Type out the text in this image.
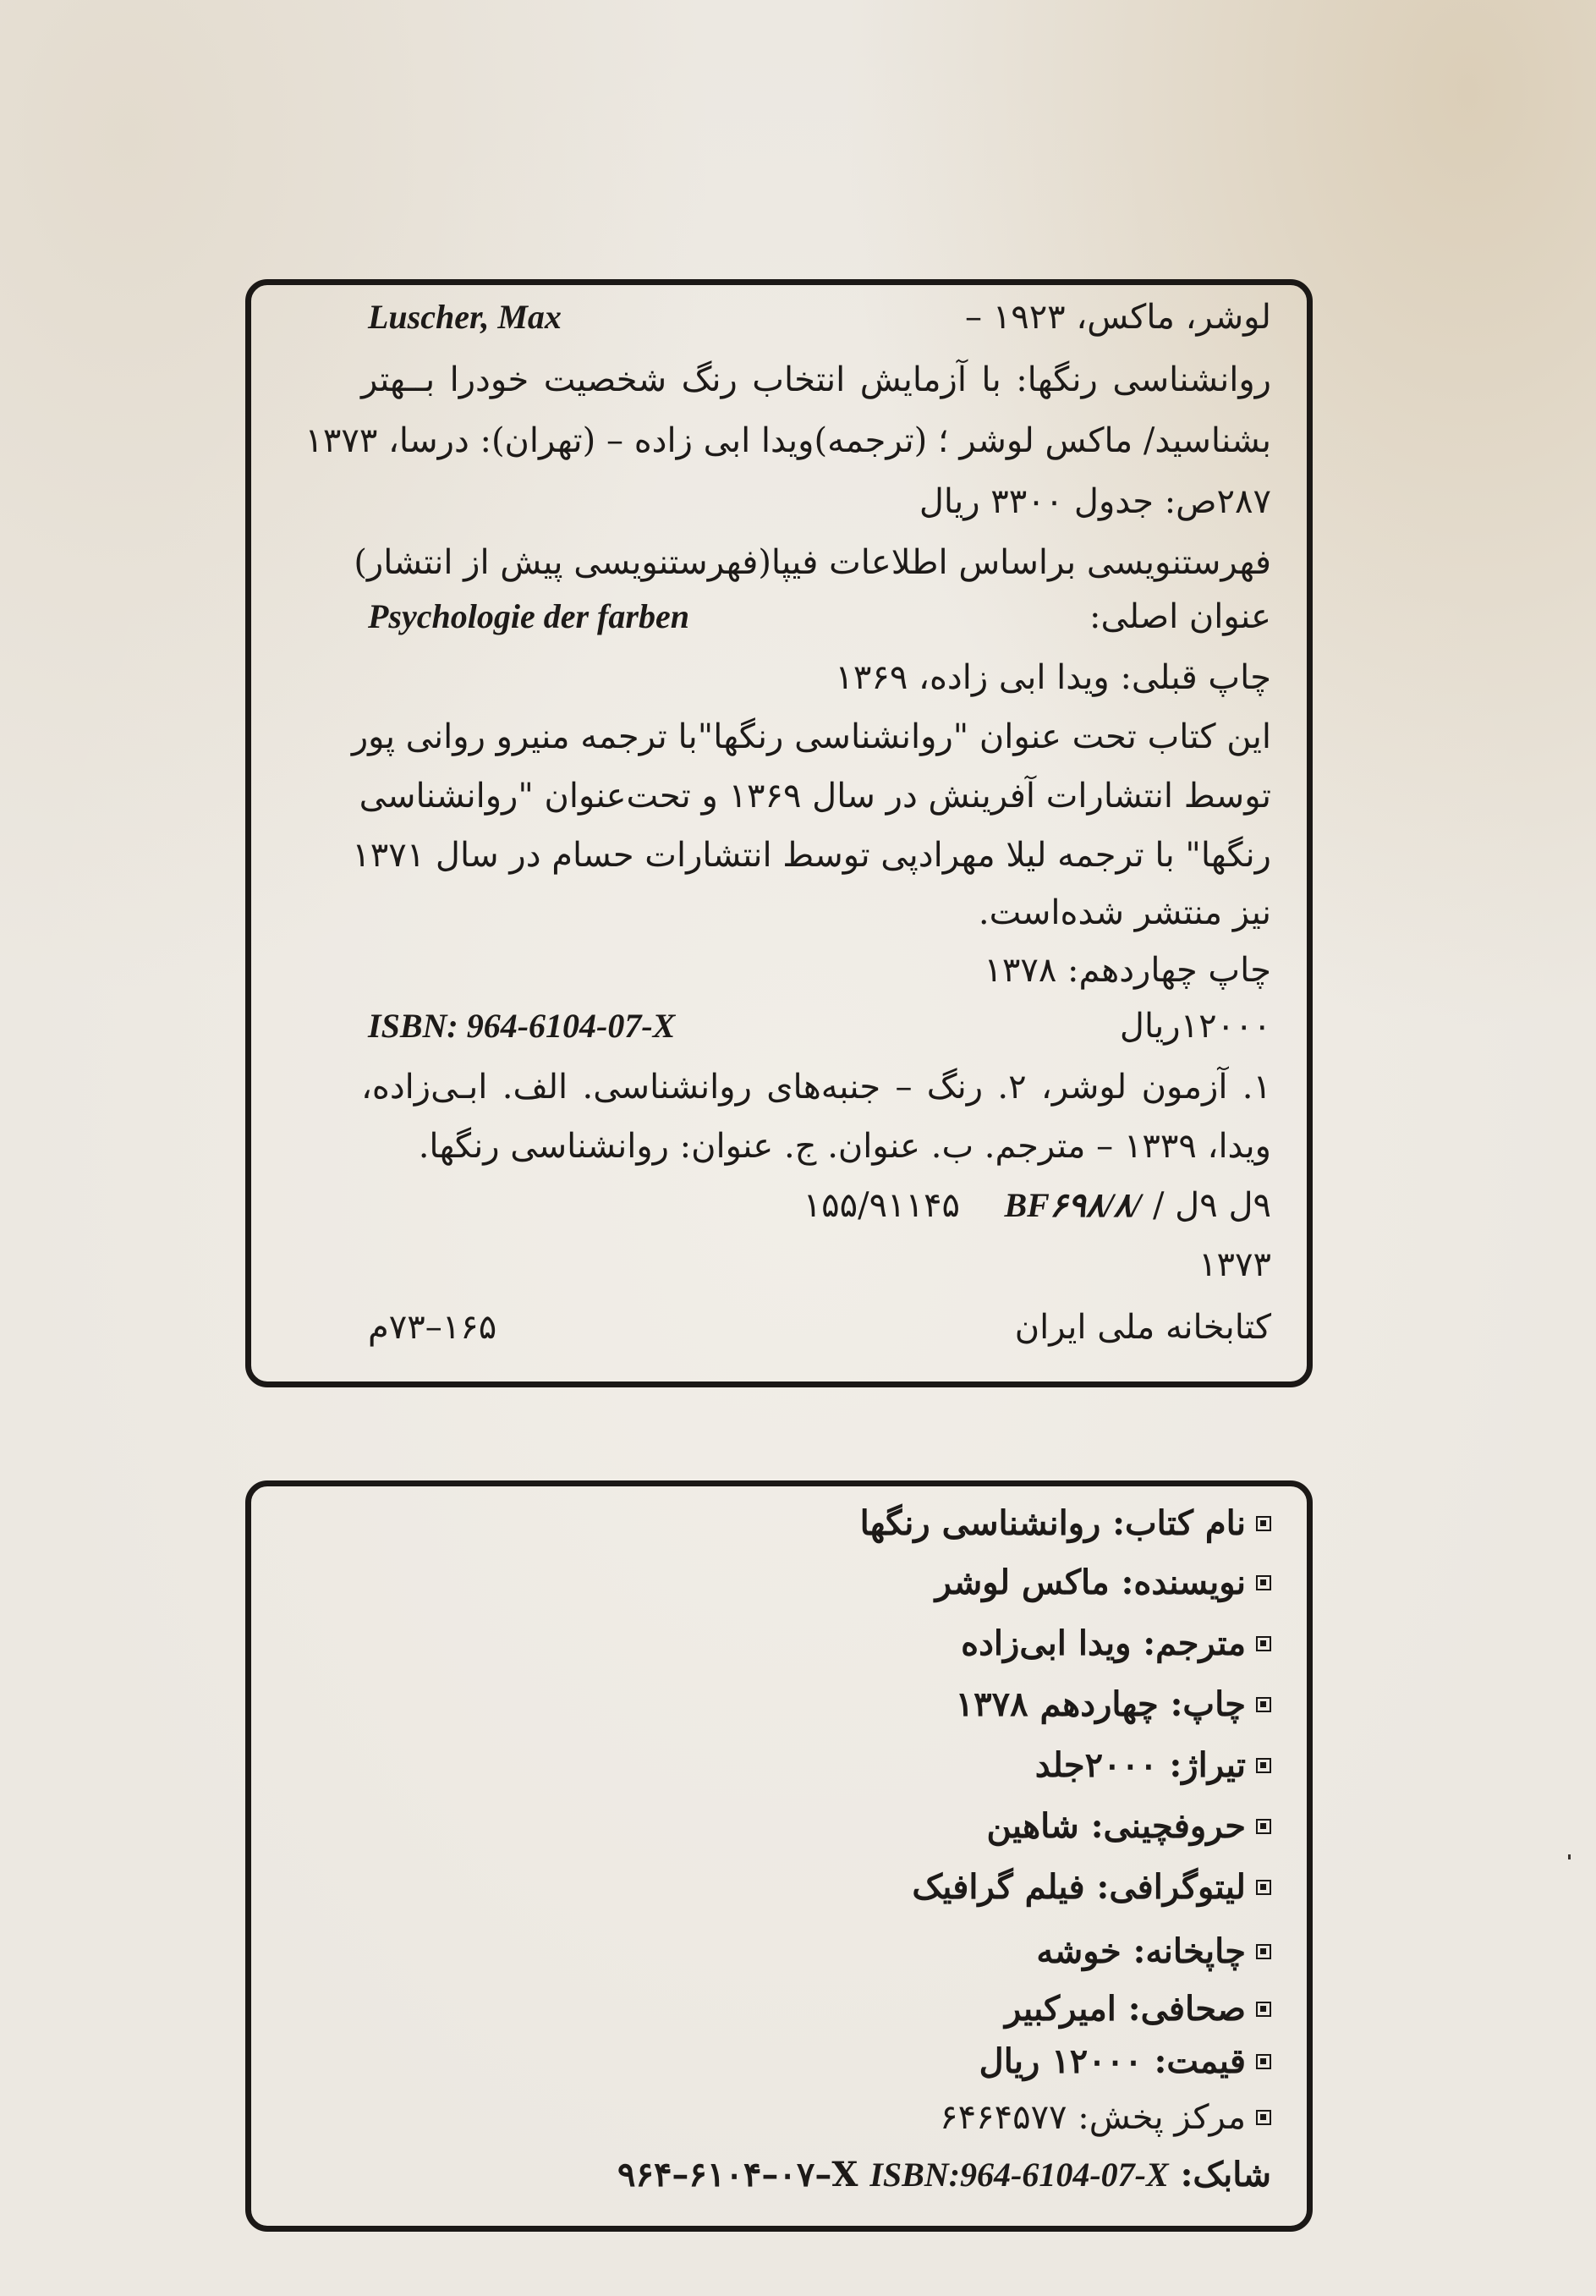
لوشر، ماکس، ۱۹۲۳ –
Luscher, Max
روانشناسی رنگها: با آزمایش انتخاب رنگ شخصیت خودرا بــهتر
بشناسید/ ماکس لوشر ؛ (ترجمه)ویدا ابی زاده – (تهران): درسا، ۱۳۷۳
۲۸۷ص: جدول ۳۳۰۰ ریال
فهرستنویسی براساس اطلاعات فیپا(فهرستنویسی پیش از انتشار)
عنوان اصلی:
Psychologie der farben
چاپ قبلی: ویدا ابی زاده، ۱۳۶۹
این کتاب تحت عنوان "روانشناسی رنگها"با ترجمه منیرو روانی پور
توسط انتشارات آفرینش در سال ۱۳۶۹ و تحت‌عنوان "روانشناسی
رنگها" با ترجمه لیلا مهرادپی توسط انتشارات حسام در سال ۱۳۷۱
نیز منتشر شده‌است.
چاپ چهاردهم: ۱۳۷۸
۱۲۰۰۰ریال
ISBN: 964-6104-07-X
۱. آزمون لوشر، ۲. رنگ – جنبه‌های روانشناسی. الف. ابـی‌زاده،
ویدا، ۱۳۳۹ – مترجم. ب. عنوان. ج. عنوان: روانشناسی رنگها.
۹ل ۹ل /
BF۶۹۸/۸/
۱۵۵/۹۱۱۴۵
۱۳۷۳
کتابخانه ملی ایران
۱۶۵–۷۳م
نام کتاب: روانشناسی رنگها
نویسنده: ماکس لوشر
مترجم: ویدا ابی‌زاده
چاپ: چهاردهم ۱۳۷۸
تیراژ: ۲۰۰۰جلد
حروفچینی: شاهین
لیتوگرافی: فیلم گرافیک
چاپخانه: خوشه
صحافی: امیرکبیر
قیمت: ۱۲۰۰۰ ریال
مرکز پخش: ۶۴۶۴۵۷۷
شابک: ۹۶۴–۶۱۰۴–۰۷–X ISBN:964-6104-07-X
